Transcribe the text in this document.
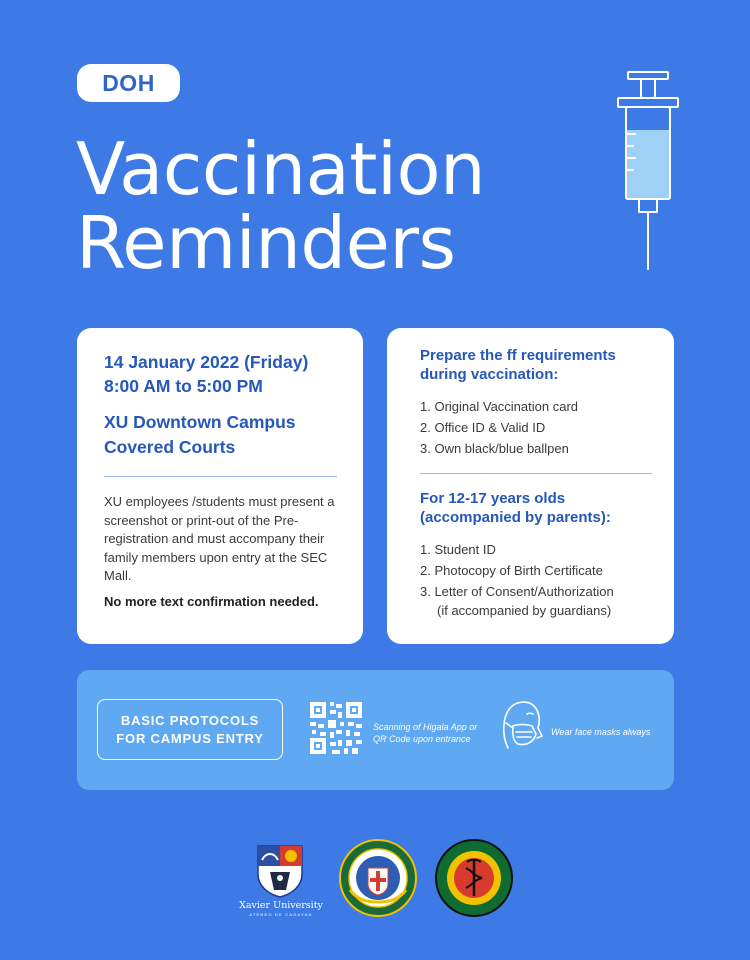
DOH
Vaccination
Reminders
14 January 2022 (Friday)
8:00 AM to 5:00 PM
XU Downtown Campus
Covered Courts

XU employees /students must present a screenshot or print-out of the Pre-registration and must accompany their family members upon entry at the SEC Mall.

No more text confirmation needed.

Prepare the ff requirements
during vaccination:
1. Original Vaccination card
2. Office ID & Valid ID
3. Own black/blue ballpen
For 12-17 years olds
(accompanied by parents):
1. Student ID
2. Photocopy of Birth Certificate
3. Letter of Consent/Authorization
(if accompanied by guardians)
BASIC PROTOCOLS
FOR CAMPUS ENTRY
Scanning of Higala App or
QR Code upon entrance
Wear face masks always
Xavier University
ATENEO DE CAGAYAN
